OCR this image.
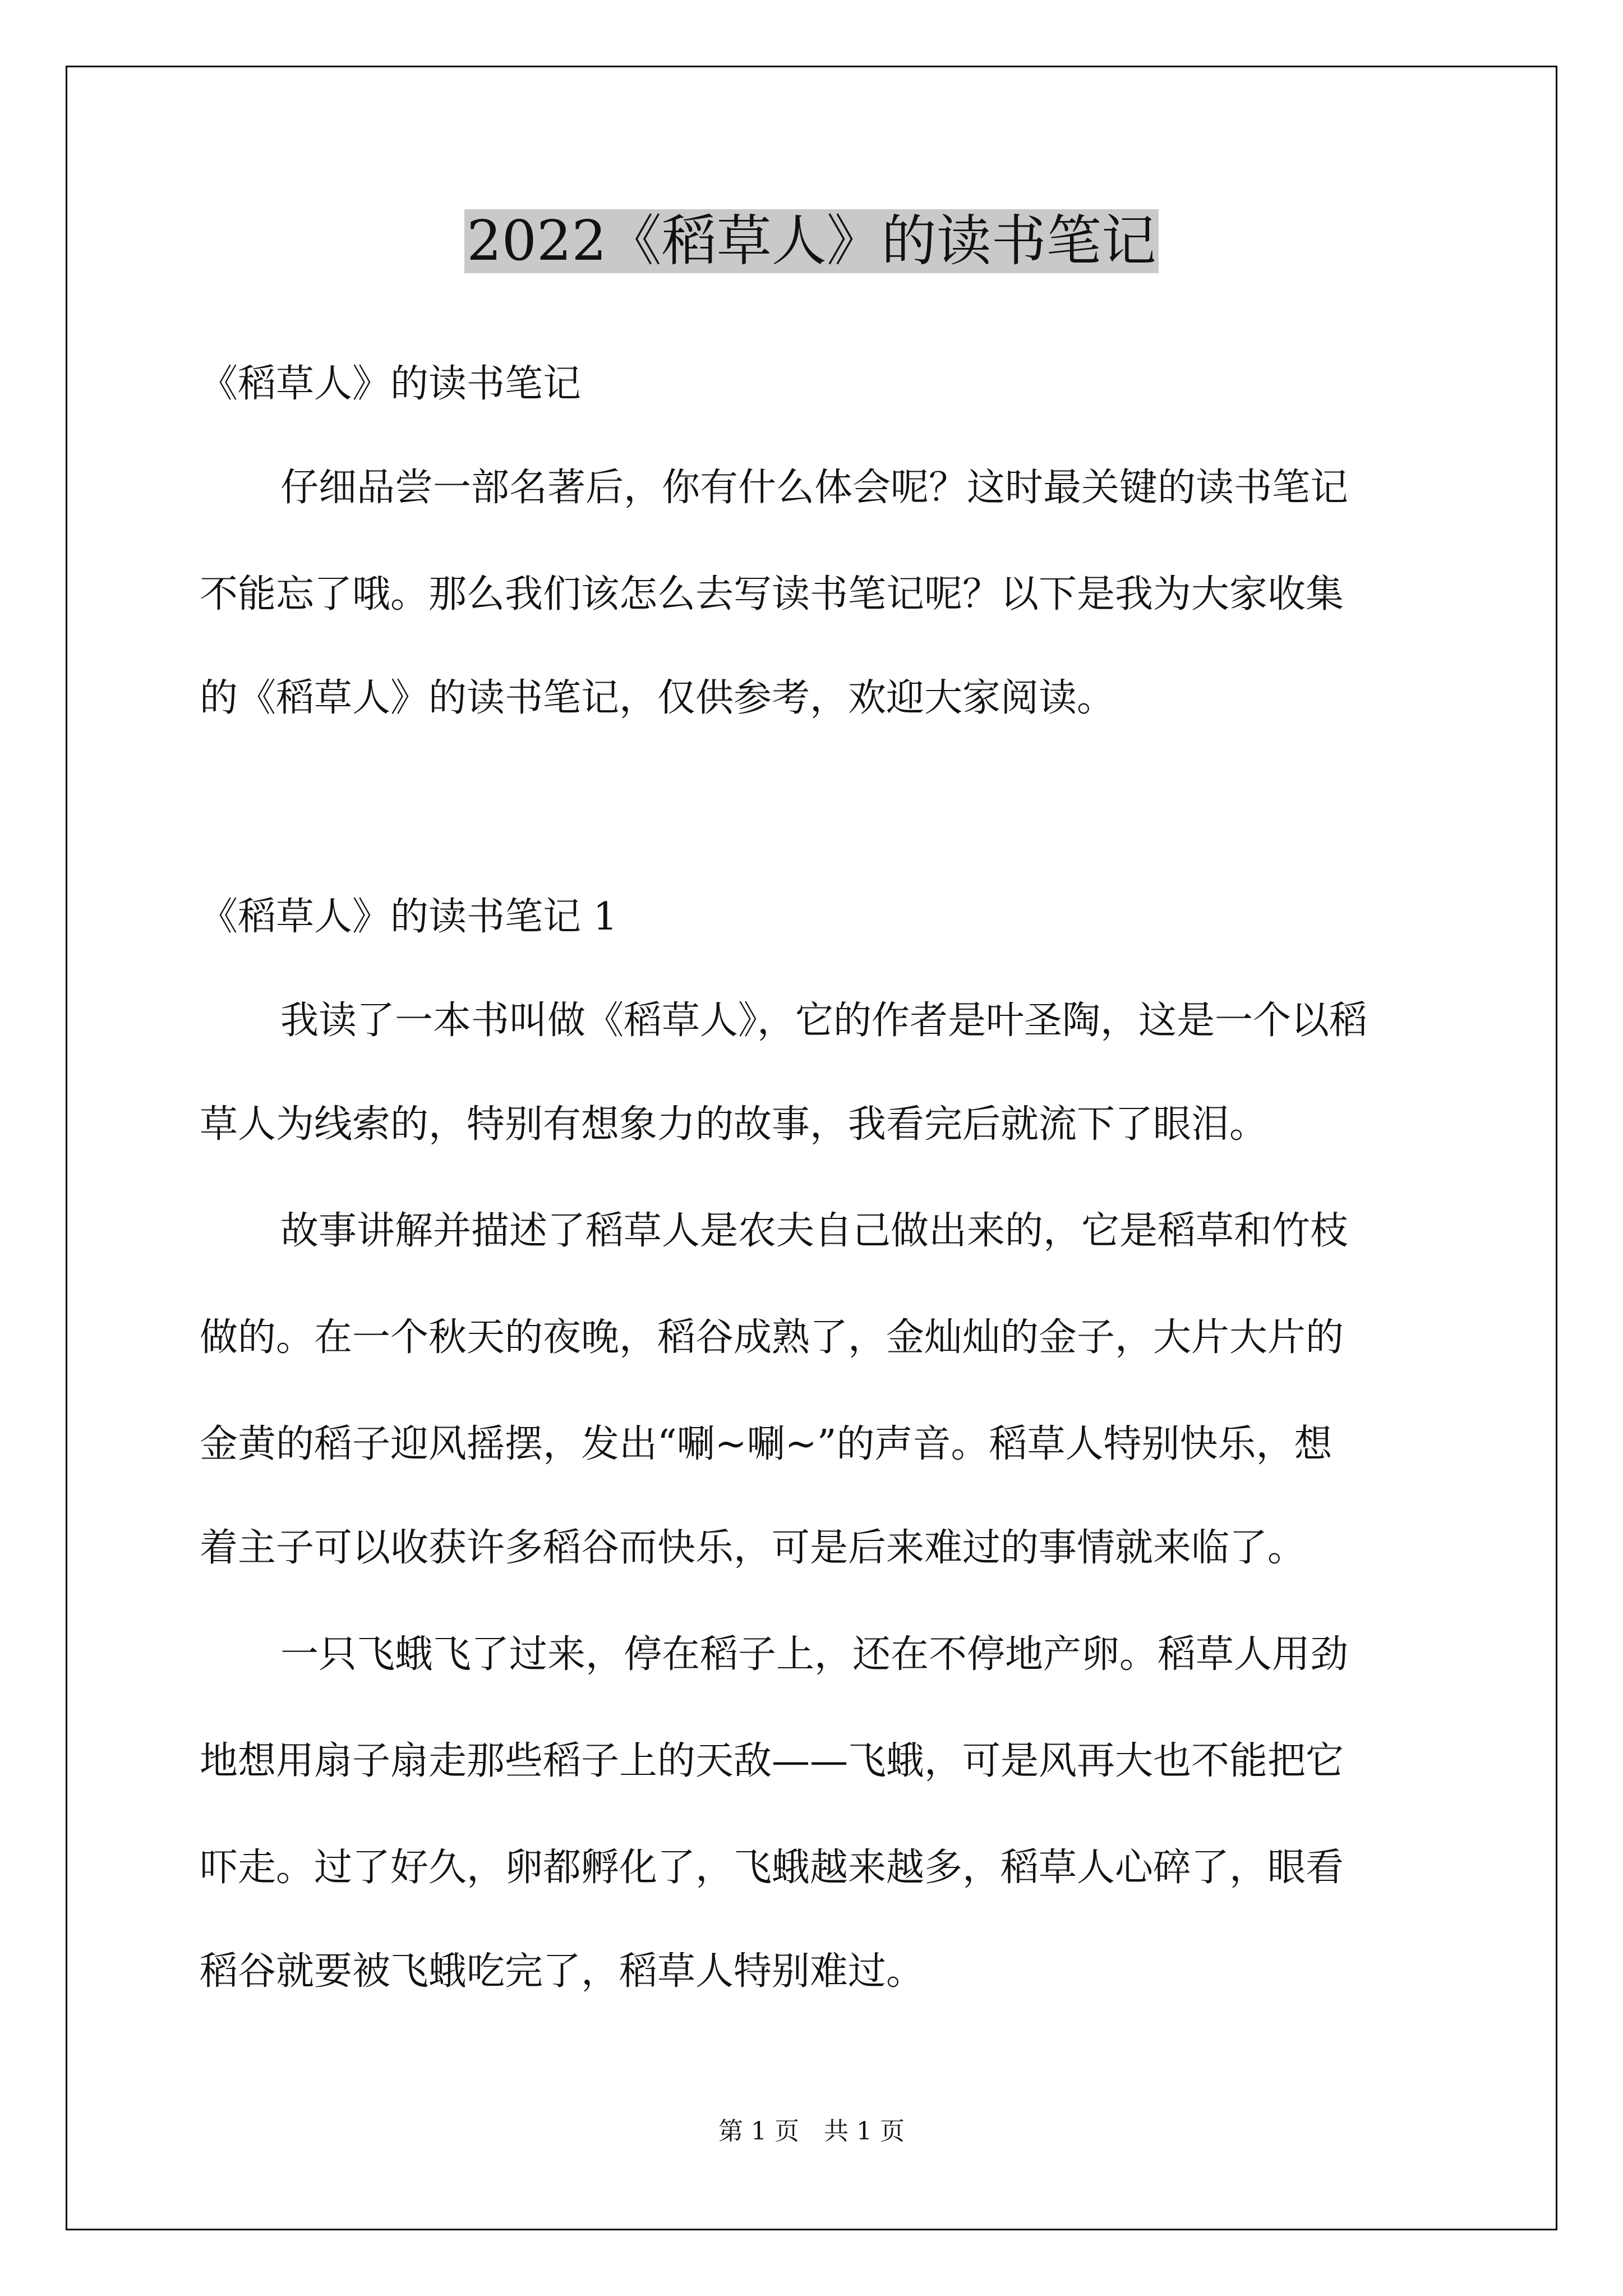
2022《稻草人》的读书笔记

《稻草人》的读书笔记

仔细品尝一部名著后，你有什么体会呢？这时最关键的读书笔记

不能忘了哦。那么我们该怎么去写读书笔记呢？以下是我为大家收集

的《稻草人》的读书笔记，仅供参考，欢迎大家阅读。

《稻草人》的读书笔记 1

我读了一本书叫做《稻草人》，它的作者是叶圣陶，这是一个以稻

草人为线索的，特别有想象力的故事，我看完后就流下了眼泪。

故事讲解并描述了稻草人是农夫自己做出来的，它是稻草和竹枝

做的。在一个秋天的夜晚，稻谷成熟了，金灿灿的金子，大片大片的

金黄的稻子迎风摇摆，发出“唰~唰~”的声音。稻草人特别快乐，想

着主子可以收获许多稻谷而快乐，可是后来难过的事情就来临了。

一只飞蛾飞了过来，停在稻子上，还在不停地产卵。稻草人用劲

地想用扇子扇走那些稻子上的天敌——飞蛾，可是风再大也不能把它

吓走。过了好久，卵都孵化了，飞蛾越来越多，稻草人心碎了，眼看

稻谷就要被飞蛾吃完了，稻草人特别难过。

第 1 页　共 1 页
